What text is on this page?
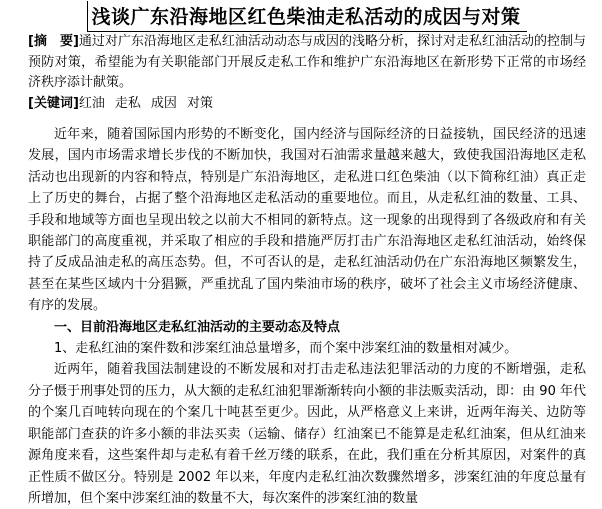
浅谈广东沿海地区红色柴油走私活动的成因与对策

[摘　要]通过对广东沿海地区走私红油活动动态与成因的浅略分析，探讨对走私红油活动的控制与预防对策，希望能为有关职能部门开展反走私工作和维护广东沿海地区在新形势下正常的市场经济秩序添计献策。

[关键词]红油 走私 成因 对策

近年来，随着国际国内形势的不断变化，国内经济与国际经济的日益接轨，国民经济的迅速发展，国内市场需求增长步伐的不断加快，我国对石油需求量越来越大，致使我国沿海地区走私活动也出现新的内容和特点，特别是广东沿海地区，走私进口红色柴油（以下简称红油）真正走上了历史的舞台，占据了整个沿海地区走私活动的重要地位。而且，从走私红油的数量、工具、手段和地域等方面也呈现出较之以前大不相同的新特点。这一现象的出现得到了各级政府和有关职能部门的高度重视，并采取了相应的手段和措施严厉打击广东沿海地区走私红油活动，始终保持了反成品油走私的高压态势。但，不可否认的是，走私红油活动仍在广东沿海地区频繁发生，甚至在某些区域内十分猖獗，严重扰乱了国内柴油市场的秩序，破坏了社会主义市场经济健康、有序的发展。

一、目前沿海地区走私红油活动的主要动态及特点

1、走私红油的案件数和涉案红油总量增多，而个案中涉案红油的数量相对减少。

近两年，随着我国法制建设的不断发展和对打击走私违法犯罪活动的力度的不断增强，走私分子慑于刑事处罚的压力，从大额的走私红油犯罪渐渐转向小额的非法贩卖活动，即：由 90 年代的个案几百吨转向现在的个案几十吨甚至更少。因此，从严格意义上来讲，近两年海关、边防等职能部门查获的许多小额的非法买卖（运输、储存）红油案已不能算是走私红油案，但从红油来源角度来看，这些案件却与走私有着千丝万缕的联系，在此，我们重在分析其原因，对案件的真正性质不做区分。特别是 2002 年以来，年度内走私红油次数骤然增多，涉案红油的年度总量有所增加，但个案中涉案红油的数量不大，每次案件的涉案红油的数量
